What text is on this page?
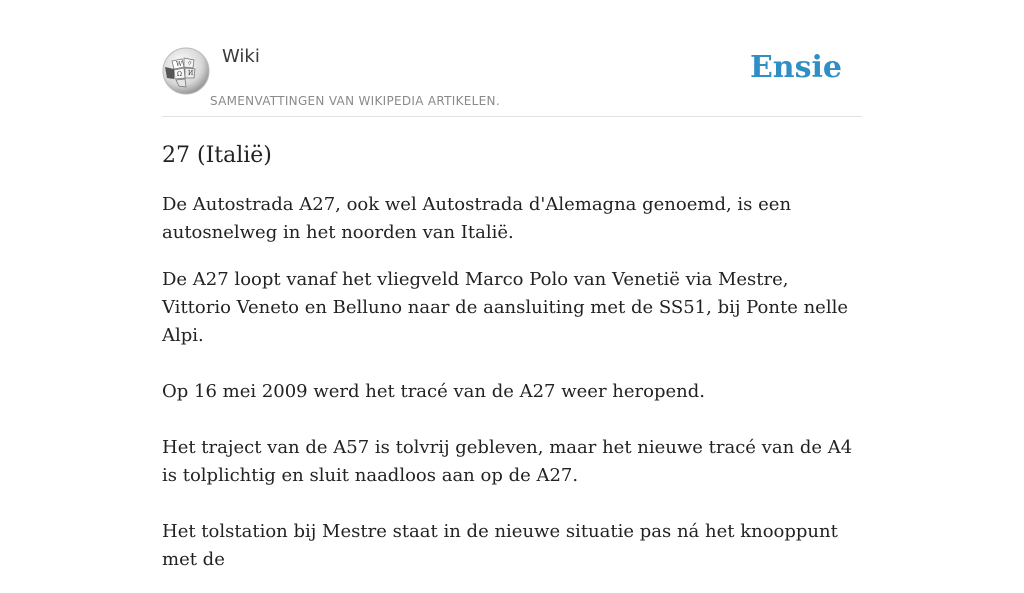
W ウ
Ω И
Wiki
SAMENVATTINGEN VAN WIKIPEDIA ARTIKELEN.
Ensie
27 (Italië)

De Autostrada A27, ook wel Autostrada d'Alemagna genoemd, is een autosnelweg in het noorden van Italië.

De A27 loopt vanaf het vliegveld Marco Polo van Venetië via Mestre, Vittorio Veneto en Belluno naar de aansluiting met de SS51, bij Ponte nelle Alpi.

Op 16 mei 2009 werd het tracé van de A27 weer heropend.

Het traject van de A57 is tolvrij gebleven, maar het nieuwe tracé van de A4 is tolplichtig en sluit naadloos aan op de A27.

Het tolstation bij Mestre staat in de nieuwe situatie pas ná het knooppunt met de
